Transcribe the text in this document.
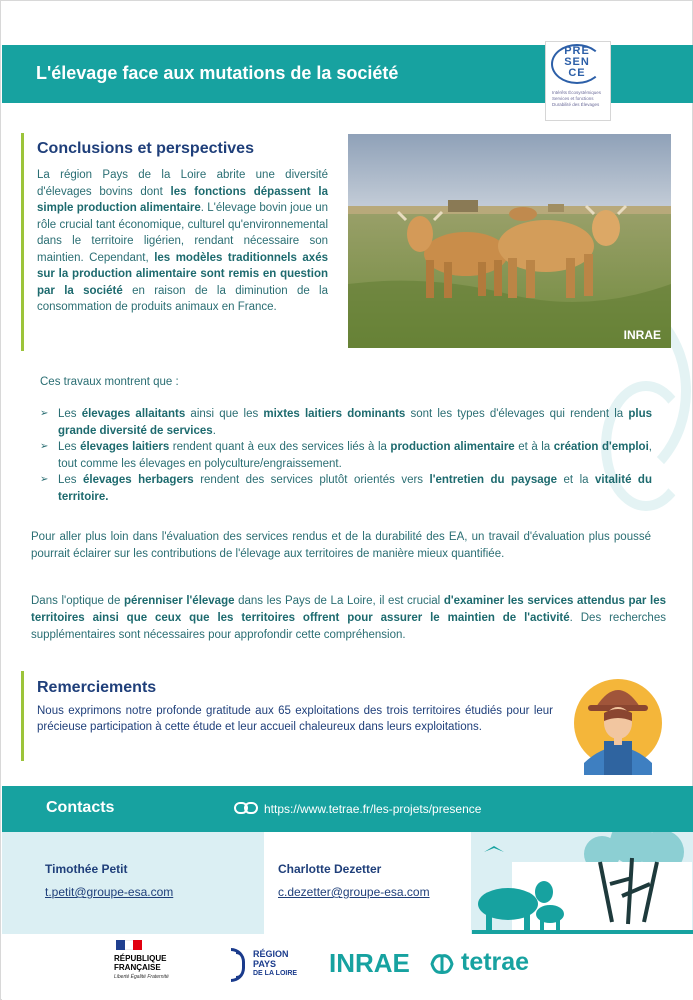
L'élevage face aux mutations de la société
PRE
SEN
CE
Intérêts Écosystémiques Services et fonctions Durabilité des Élevages
Conclusions et perspectives

La région Pays de la Loire abrite une diversité d'élevages bovins dont les fonctions dépassent la simple production alimentaire. L'élevage bovin joue un rôle crucial tant économique, culturel qu'environnemental dans le territoire ligérien, rendant nécessaire son maintien. Cependant, les modèles traditionnels axés sur la production alimentaire sont remis en question par la société en raison de la diminution de la consommation de produits animaux en France.

INRAE
Ces travaux montrent que :
➢ Les élevages allaitants ainsi que les mixtes laitiers dominants sont les types d'élevages qui rendent la plus grande diversité de services.
➢ Les élevages laitiers rendent quant à eux des services liés à la production alimentaire et à la création d'emploi, tout comme les élevages en polyculture/engraissement.
➢ Les élevages herbagers rendent des services plutôt orientés vers l'entretien du paysage et la vitalité du territoire.

Pour aller plus loin dans l'évaluation des services rendus et de la durabilité des EA, un travail d'évaluation plus poussé pourrait éclairer sur les contributions de l'élevage aux territoires de manière mieux quantifiée.

Dans l'optique de pérenniser l'élevage dans les Pays de La Loire, il est crucial d'examiner les services attendus par les territoires ainsi que ceux que les territoires offrent pour assurer le maintien de l'activité. Des recherches supplémentaires sont nécessaires pour approfondir cette compréhension.

Remerciements

Nous exprimons notre profonde gratitude aux 65 exploitations des trois territoires étudiés pour leur précieuse participation à cette étude et leur accueil chaleureux dans leurs exploitations.

Contacts	https://www.tetrae.fr/les-projets/presence
Timothée Petit
t.petit@groupe-esa.com
Charlotte Dezetter
c.dezetter@groupe-esa.com
RÉPUBLIQUE
FRANÇAISE
Liberté Égalité Fraternité
RÉGION
PAYS
DE LA LOIRE INRAE tetrae
